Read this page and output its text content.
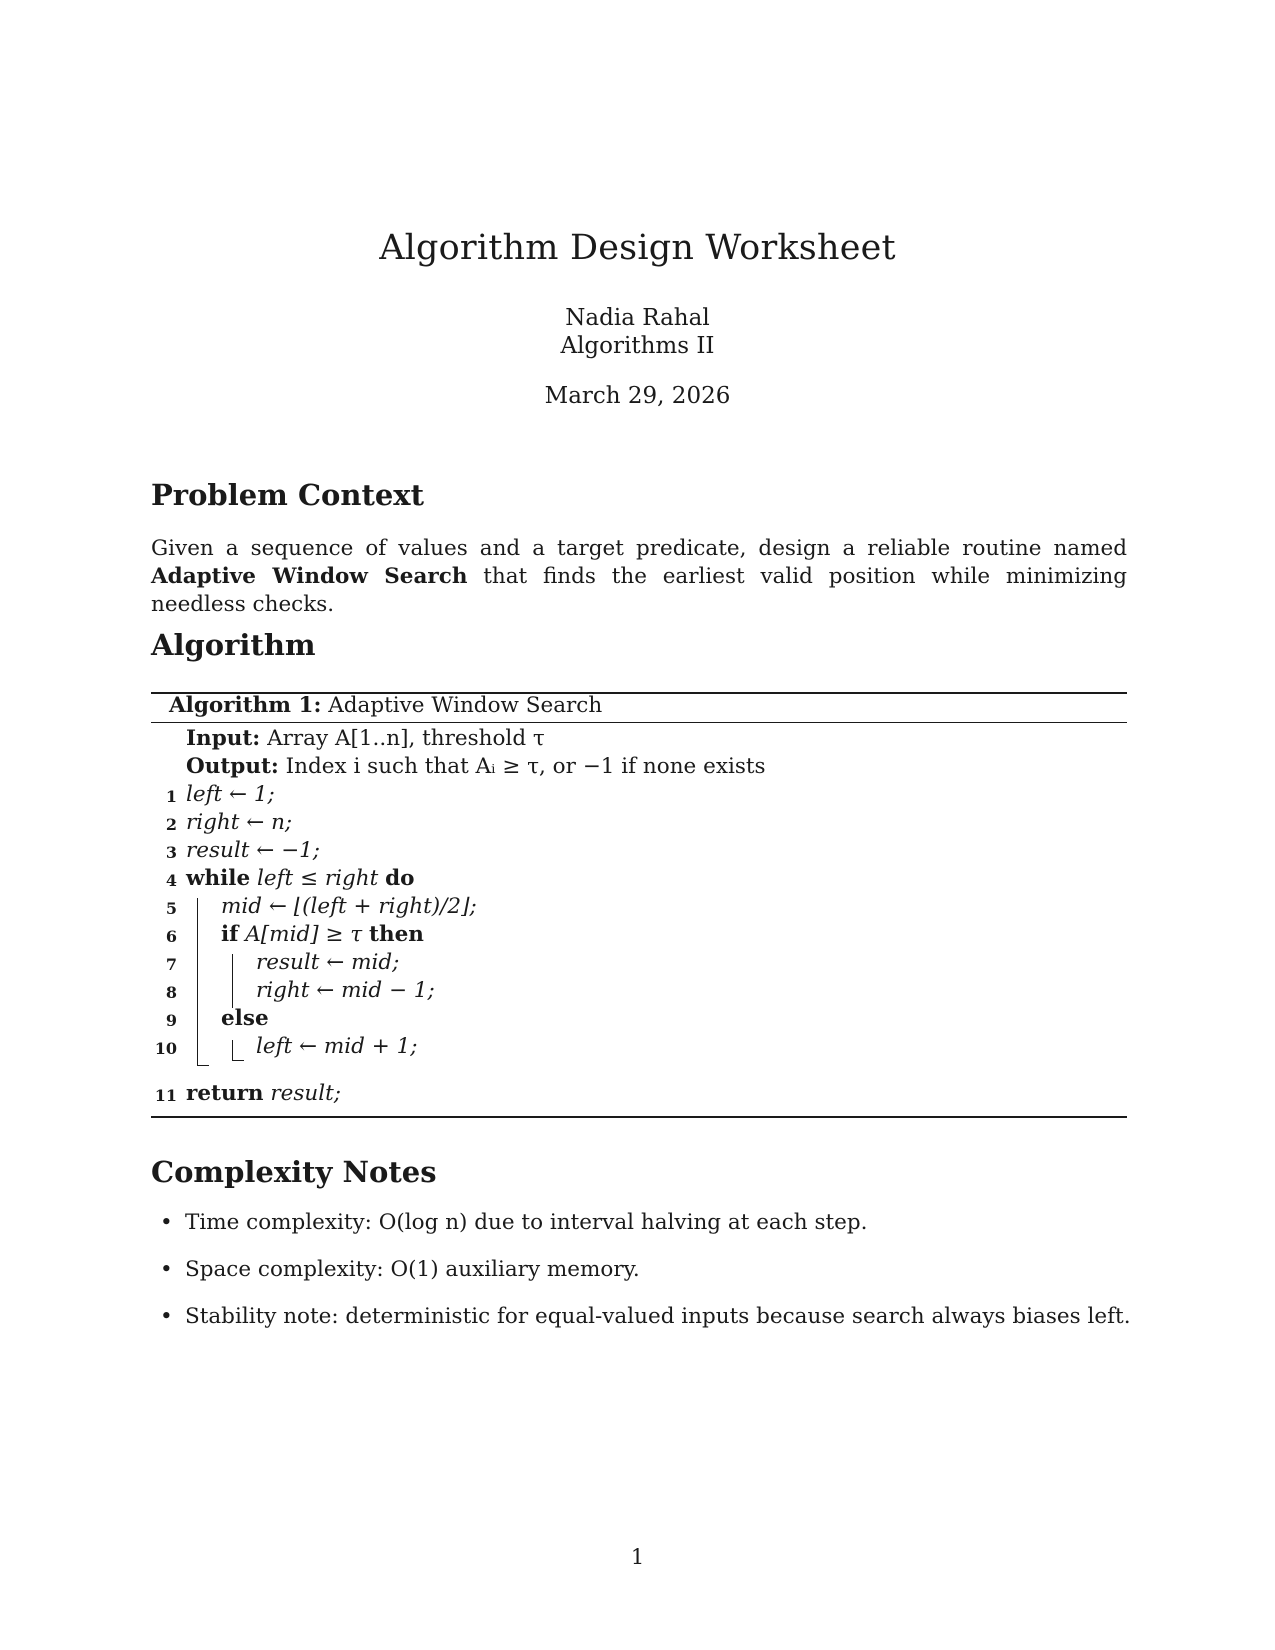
Algorithm Design Worksheet
Nadia Rahal
Algorithms II
March 29, 2026
Problem Context

Given a sequence of values and a target predicate, design a reliable routine named Adaptive Window Search that finds the earliest valid position while minimizing needless checks.

Algorithm
Algorithm 1: Adaptive Window Search
Input: Array A[1..n], threshold τ
Output: Index i such that Aᵢ ≥ τ, or −1 if none exists
1 left ← 1;
2 right ← n;
3 result ← −1;
4 while left ≤ right do
5 mid ← ⌊(left + right)/2⌋;
6 if A[mid] ≥ τ then
7	result ← mid;
8	right ← mid − 1;
9 else
10	left ← mid + 1;
11 return result;
Complexity Notes
• Time complexity: O(log n) due to interval halving at each step.
• Space complexity: O(1) auxiliary memory.
• Stability note: deterministic for equal-valued inputs because search always biases left.
1
